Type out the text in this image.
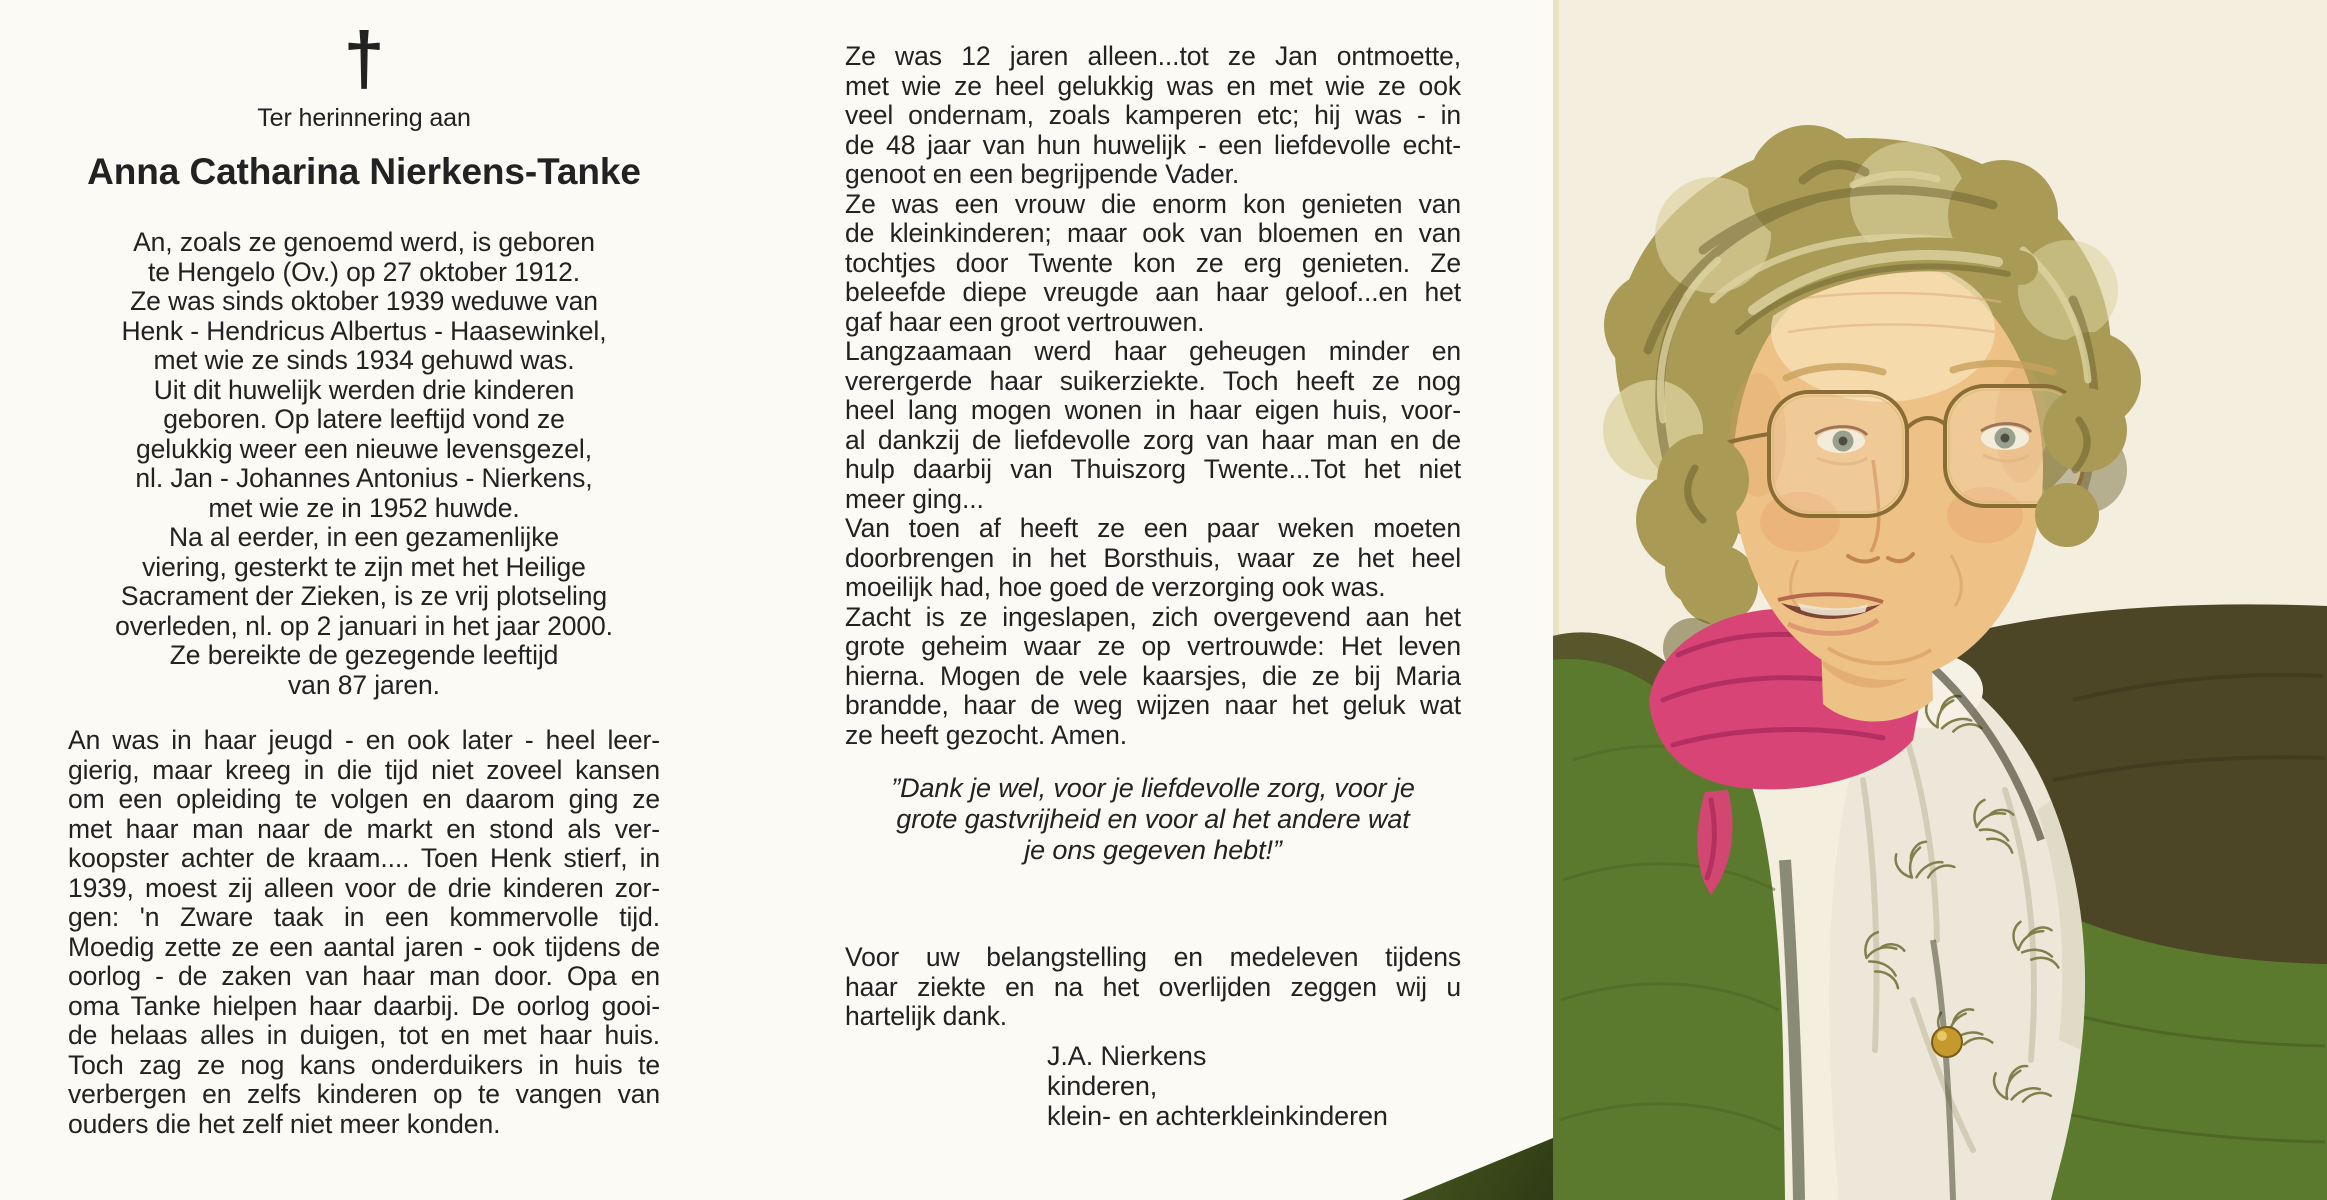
†
Ter herinnering aan
Anna Catharina Nierkens-Tanke
An, zoals ze genoemd werd, is geboren
te Hengelo (Ov.) op 27 oktober 1912.
Ze was sinds oktober 1939 weduwe van
Henk - Hendricus Albertus - Haasewinkel,
met wie ze sinds 1934 gehuwd was.
Uit dit huwelijk werden drie kinderen
geboren. Op latere leeftijd vond ze
gelukkig weer een nieuwe levensgezel,
nl. Jan - Johannes Antonius - Nierkens,
met wie ze in 1952 huwde.
Na al eerder, in een gezamenlijke
viering, gesterkt te zijn met het Heilige
Sacrament der Zieken, is ze vrij plotseling
overleden, nl. op 2 januari in het jaar 2000.
Ze bereikte de gezegende leeftijd
van 87 jaren.
An was in haar jeugd - en ook later - heel leer-
gierig, maar kreeg in die tijd niet zoveel kansen
om een opleiding te volgen en daarom ging ze
met haar man naar de markt en stond als ver-
koopster achter de kraam.... Toen Henk stierf, in
1939, moest zij alleen voor de drie kinderen zor-
gen: 'n Zware taak in een kommervolle tijd.
Moedig zette ze een aantal jaren - ook tijdens de
oorlog - de zaken van haar man door. Opa en
oma Tanke hielpen haar daarbij. De oorlog gooi-
de helaas alles in duigen, tot en met haar huis.
Toch zag ze nog kans onderduikers in huis te
verbergen en zelfs kinderen op te vangen van
ouders die het zelf niet meer konden.
Ze was 12 jaren alleen...tot ze Jan ontmoette,
met wie ze heel gelukkig was en met wie ze ook
veel ondernam, zoals kamperen etc; hij was - in
de 48 jaar van hun huwelijk - een liefdevolle echt-
genoot en een begrijpende Vader.
Ze was een vrouw die enorm kon genieten van
de kleinkinderen; maar ook van bloemen en van
tochtjes door Twente kon ze erg genieten. Ze
beleefde diepe vreugde aan haar geloof...en het
gaf haar een groot vertrouwen.
Langzaamaan werd haar geheugen minder en
verergerde haar suikerziekte. Toch heeft ze nog
heel lang mogen wonen in haar eigen huis, voor-
al dankzij de liefdevolle zorg van haar man en de
hulp daarbij van Thuiszorg Twente...Tot het niet
meer ging...
Van toen af heeft ze een paar weken moeten
doorbrengen in het Borsthuis, waar ze het heel
moeilijk had, hoe goed de verzorging ook was.
Zacht is ze ingeslapen, zich overgevend aan het
grote geheim waar ze op vertrouwde: Het leven
hierna. Mogen de vele kaarsjes, die ze bij Maria
brandde, haar de weg wijzen naar het geluk wat
ze heeft gezocht. Amen.
”Dank je wel, voor je liefdevolle zorg, voor je
grote gastvrijheid en voor al het andere wat
je ons gegeven hebt!”
Voor uw belangstelling en medeleven tijdens
haar ziekte en na het overlijden zeggen wij u
hartelijk dank.
J.A. Nierkens
kinderen,
klein- en achterkleinkinderen
